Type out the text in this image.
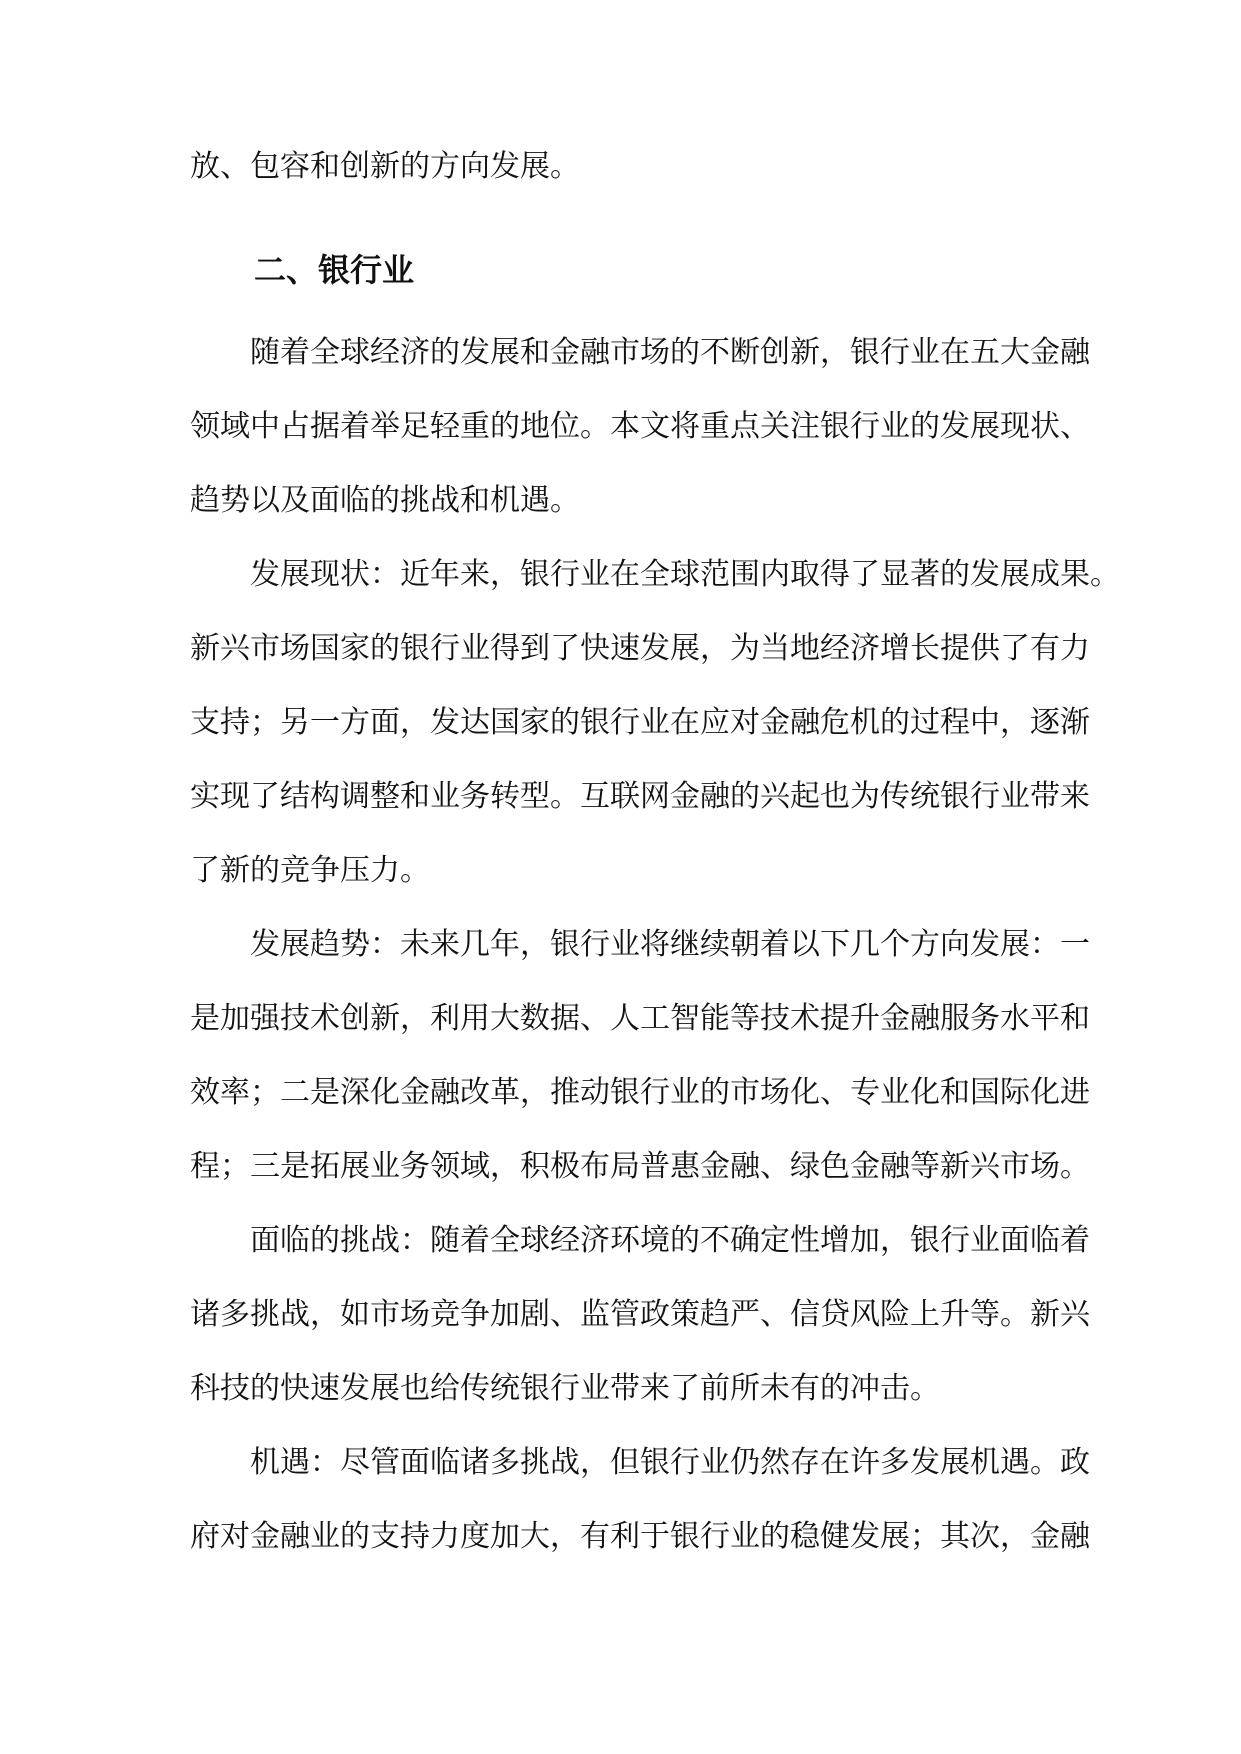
放、包容和创新的方向发展。
二、银行业
随着全球经济的发展和金融市场的不断创新，银行业在五大金融
领域中占据着举足轻重的地位。本文将重点关注银行业的发展现状、
趋势以及面临的挑战和机遇。
发展现状：近年来，银行业在全球范围内取得了显著的发展成果。
新兴市场国家的银行业得到了快速发展，为当地经济增长提供了有力
支持；另一方面，发达国家的银行业在应对金融危机的过程中，逐渐
实现了结构调整和业务转型。互联网金融的兴起也为传统银行业带来
了新的竞争压力。
发展趋势：未来几年，银行业将继续朝着以下几个方向发展：一
是加强技术创新，利用大数据、人工智能等技术提升金融服务水平和
效率；二是深化金融改革，推动银行业的市场化、专业化和国际化进
程；三是拓展业务领域，积极布局普惠金融、绿色金融等新兴市场。
面临的挑战：随着全球经济环境的不确定性增加，银行业面临着
诸多挑战，如市场竞争加剧、监管政策趋严、信贷风险上升等。新兴
科技的快速发展也给传统银行业带来了前所未有的冲击。
机遇：尽管面临诸多挑战，但银行业仍然存在许多发展机遇。政
府对金融业的支持力度加大，有利于银行业的稳健发展；其次，金融
